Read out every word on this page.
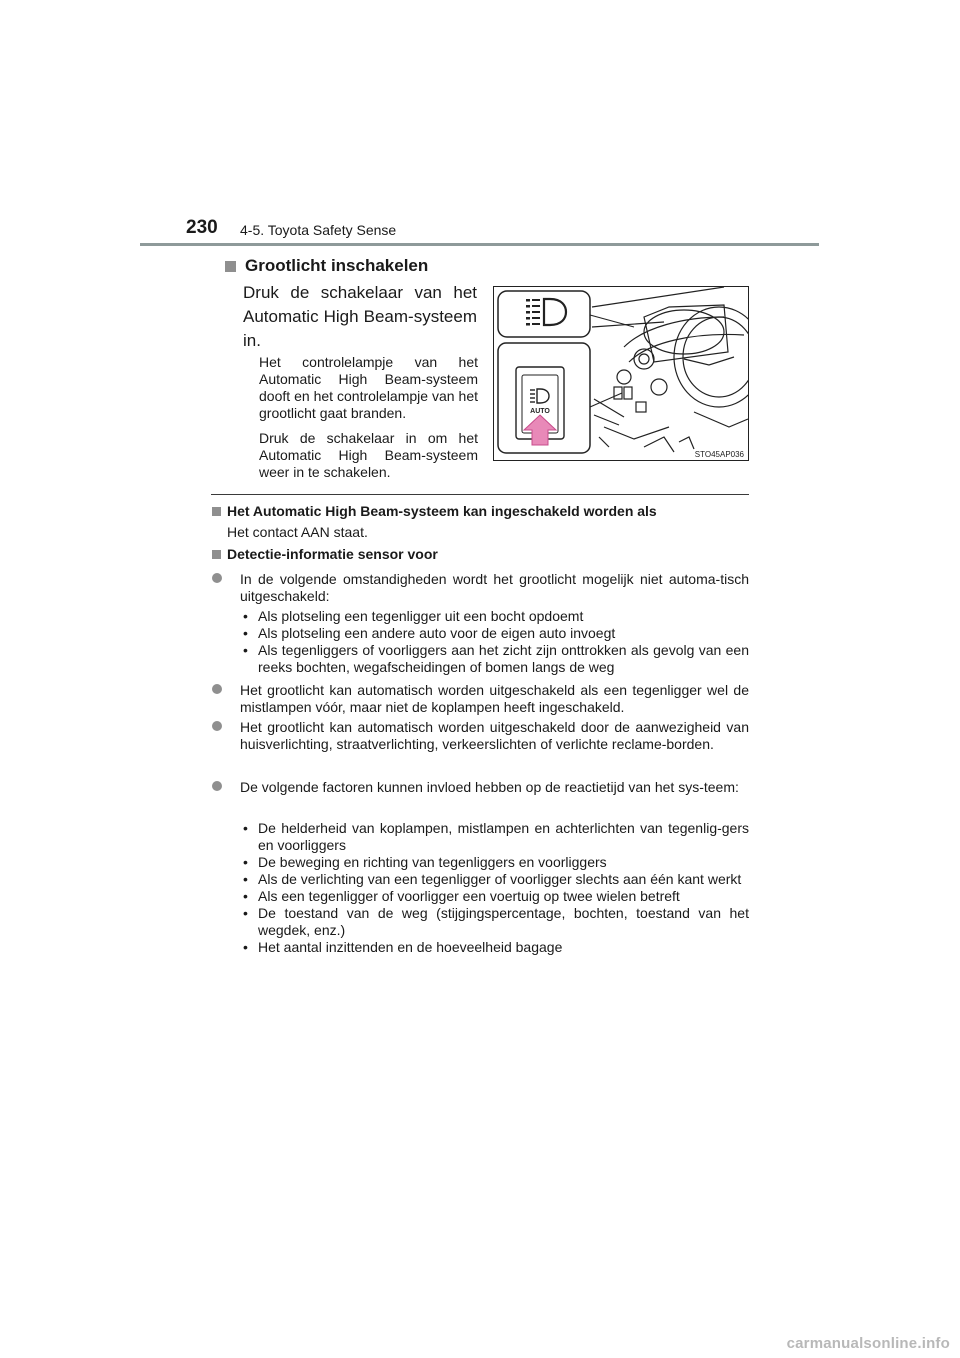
230 4-5. Toyota Safety Sense
Grootlicht inschakelen
Druk de schakelaar van het Automatic High Beam-systeem in.
Het controlelampje van het Automatic High Beam-systeem dooft en het controlelampje van het grootlicht gaat branden.
Druk de schakelaar in om het Automatic High Beam-systeem weer in te schakelen.
AUTO
STO45AP036
Het Automatic High Beam-systeem kan ingeschakeld worden als
Het contact AAN staat.
Detectie-informatie sensor voor
In de volgende omstandigheden wordt het grootlicht mogelijk niet automa-tisch uitgeschakeld:
• Als plotseling een tegenligger uit een bocht opdoemt
• Als plotseling een andere auto voor de eigen auto invoegt
• Als tegenliggers of voorliggers aan het zicht zijn onttrokken als gevolg van een reeks bochten, wegafscheidingen of bomen langs de weg
Het grootlicht kan automatisch worden uitgeschakeld als een tegenligger wel de mistlampen vóór, maar niet de koplampen heeft ingeschakeld.
Het grootlicht kan automatisch worden uitgeschakeld door de aanwezigheid van huisverlichting, straatverlichting, verkeerslichten of verlichte reclame-borden.
De volgende factoren kunnen invloed hebben op de reactietijd van het sys-teem:
• De helderheid van koplampen, mistlampen en achterlichten van tegenlig-gers en voorliggers
• De beweging en richting van tegenliggers en voorliggers
• Als de verlichting van een tegenligger of voorligger slechts aan één kant werkt
• Als een tegenligger of voorligger een voertuig op twee wielen betreft
• De toestand van de weg (stijgingspercentage, bochten, toestand van het wegdek, enz.)
• Het aantal inzittenden en de hoeveelheid bagage
carmanualsonline.info
